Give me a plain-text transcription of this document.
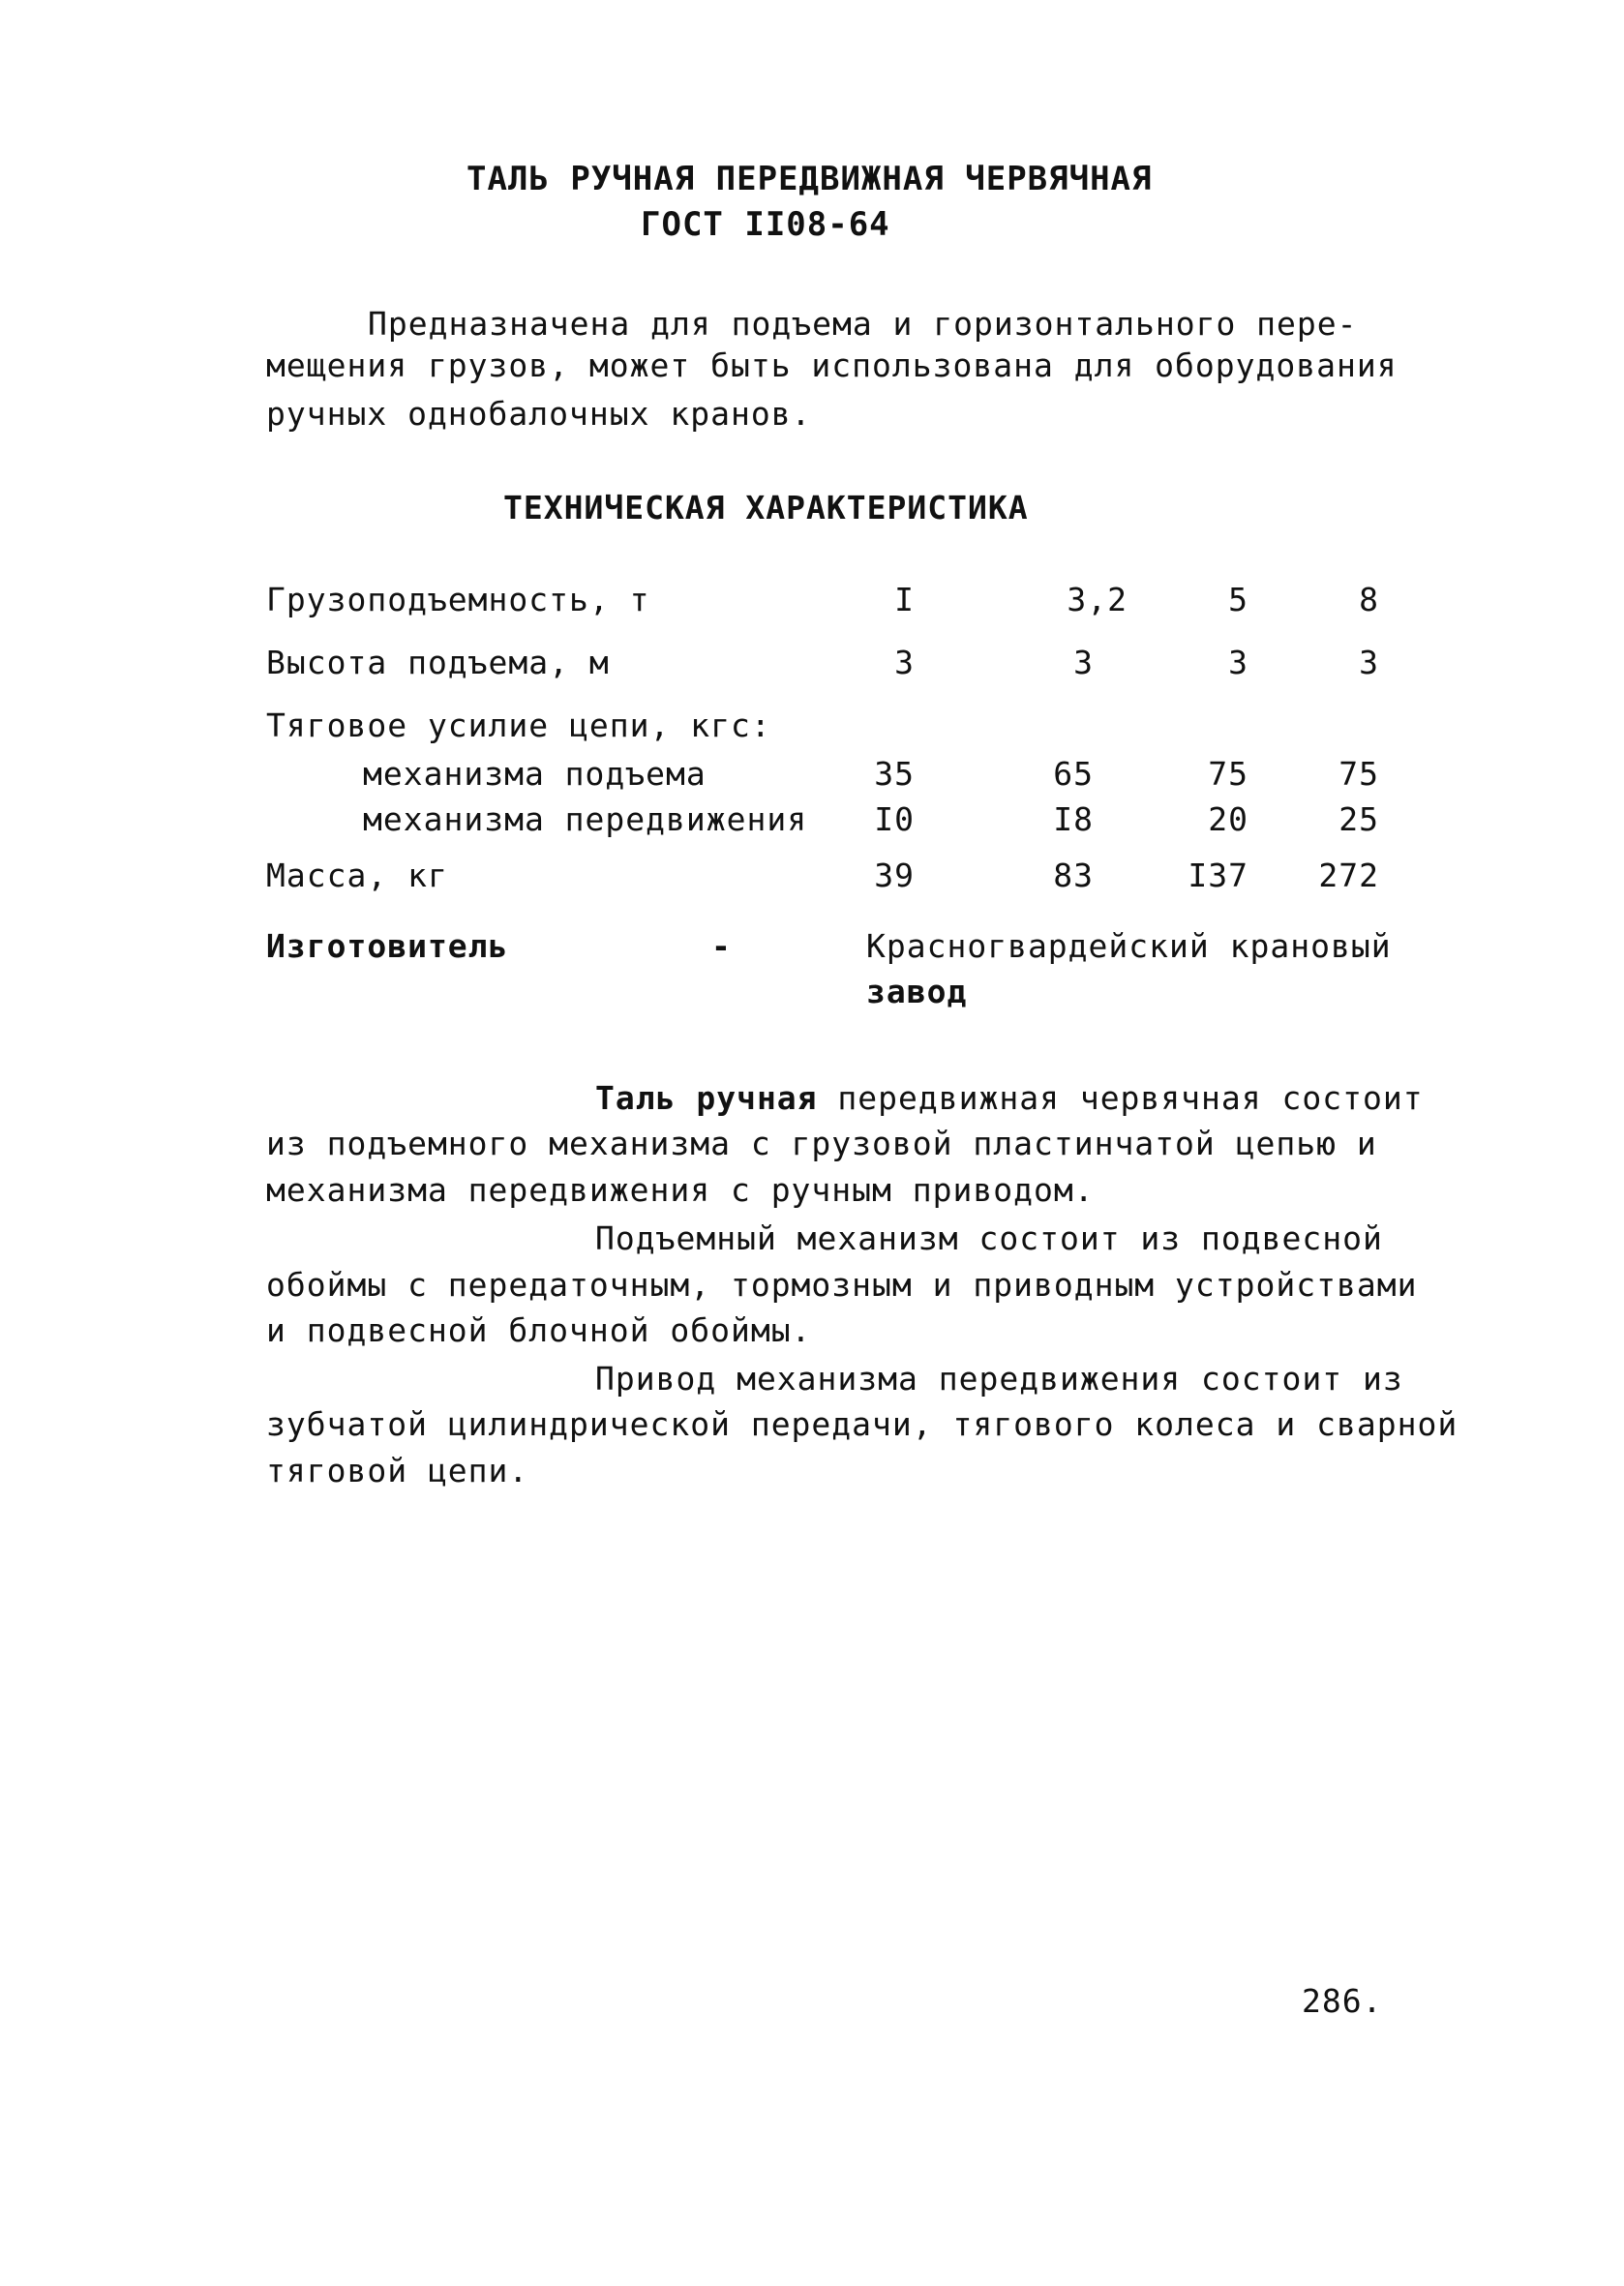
ТАЛЬ РУЧНАЯ ПЕРЕДВИЖНАЯ ЧЕРВЯЧНАЯ
ГОСТ II08-64
Предназначена для подъема и горизонтального пере-
мещения грузов, может быть использована для оборудования
ручных однобалочных кранов.
ТЕХНИЧЕСКАЯ ХАРАКТЕРИСТИКА
Грузоподъемность, т	I	3,2	5	8
Высота подъема, м	3	3	3	3
Тяговое усилие цепи, кгс:
механизма подъема	35	65	75	75
механизма передвижения	I0	I8	20	25
Масса, кг	39	83	I37	272
Изготовитель	-	Красногвардейский крановый
завод
Таль ручная передвижная червячная состоит
из подъемного механизма с грузовой пластинчатой цепью и
механизма передвижения с ручным приводом.
Подъемный механизм состоит из подвесной
обоймы с передаточным, тормозным и приводным устройствами
и подвесной блочной обоймы.
Привод механизма передвижения состоит из
зубчатой цилиндрической передачи, тягового колеса и сварной
тяговой цепи.
286.
